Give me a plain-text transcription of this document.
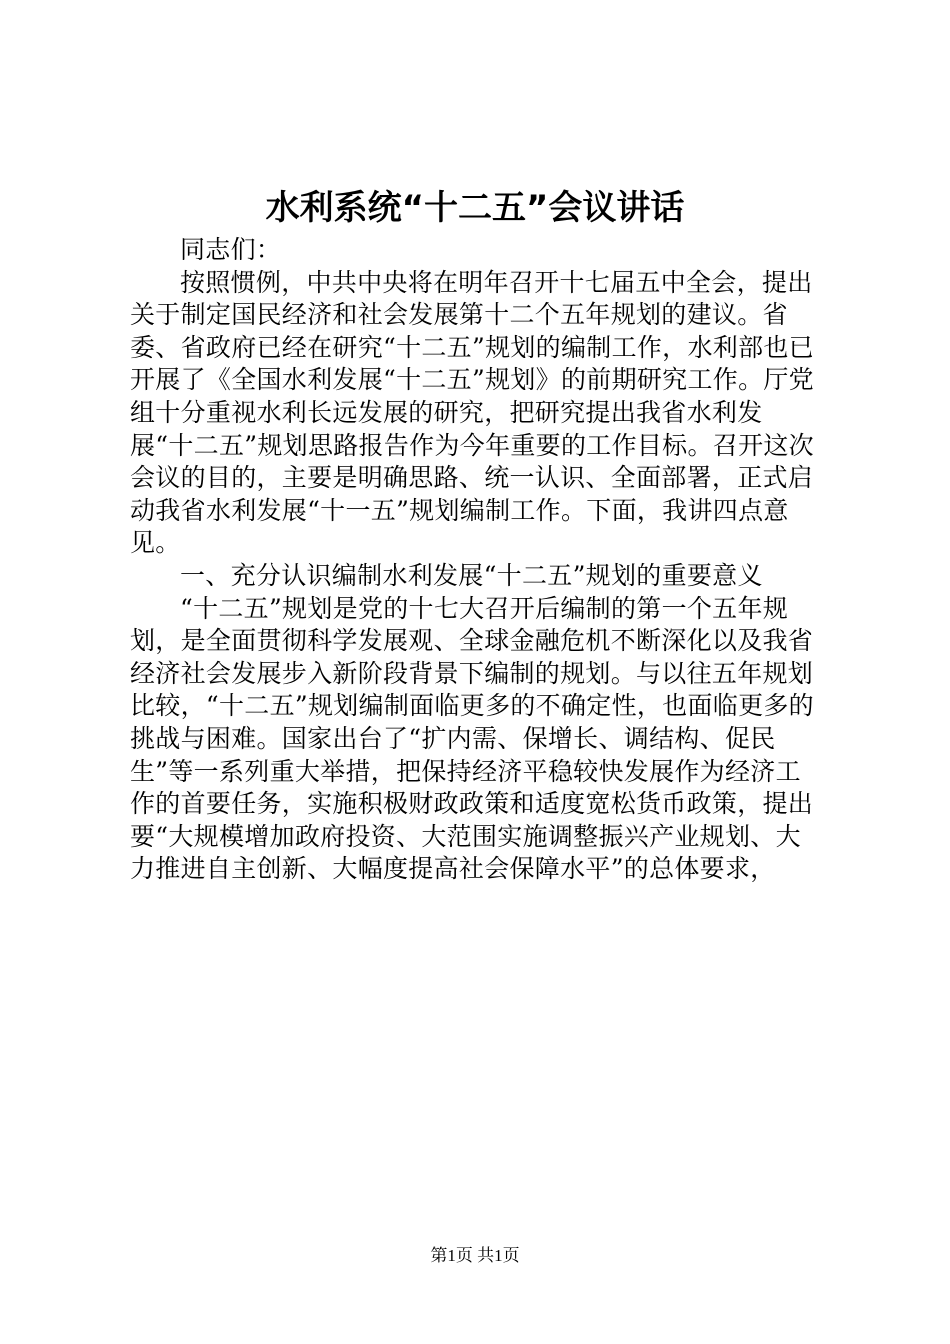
水利系统“十二五”会议讲话

同志们：

按照惯例，中共中央将在明年召开十七届五中全会，提出关于制定国民经济和社会发展第十二个五年规划的建议。省委、省政府已经在研究“十二五”规划的编制工作，水利部也已开展了《全国水利发展“十二五”规划》的前期研究工作。厅党组十分重视水利长远发展的研究，把研究提出我省水利发展“十二五”规划思路报告作为今年重要的工作目标。召开这次会议的目的，主要是明确思路、统一认识、全面部署，正式启动我省水利发展“十一五”规划编制工作。下面，我讲四点意见。

一、充分认识编制水利发展“十二五”规划的重要意义

“十二五”规划是党的十七大召开后编制的第一个五年规划，是全面贯彻科学发展观、全球金融危机不断深化以及我省经济社会发展步入新阶段背景下编制的规划。与以往五年规划比较，“十二五”规划编制面临更多的不确定性，也面临更多的挑战与困难。国家出台了“扩内需、保增长、调结构、促民生”等一系列重大举措，把保持经济平稳较快发展作为经济工作的首要任务，实施积极财政政策和适度宽松货币政策，提出要“大规模增加政府投资、大范围实施调整振兴产业规划、大力推进自主创新、大幅度提高社会保障水平”的总体要求，

第1页 共1页
